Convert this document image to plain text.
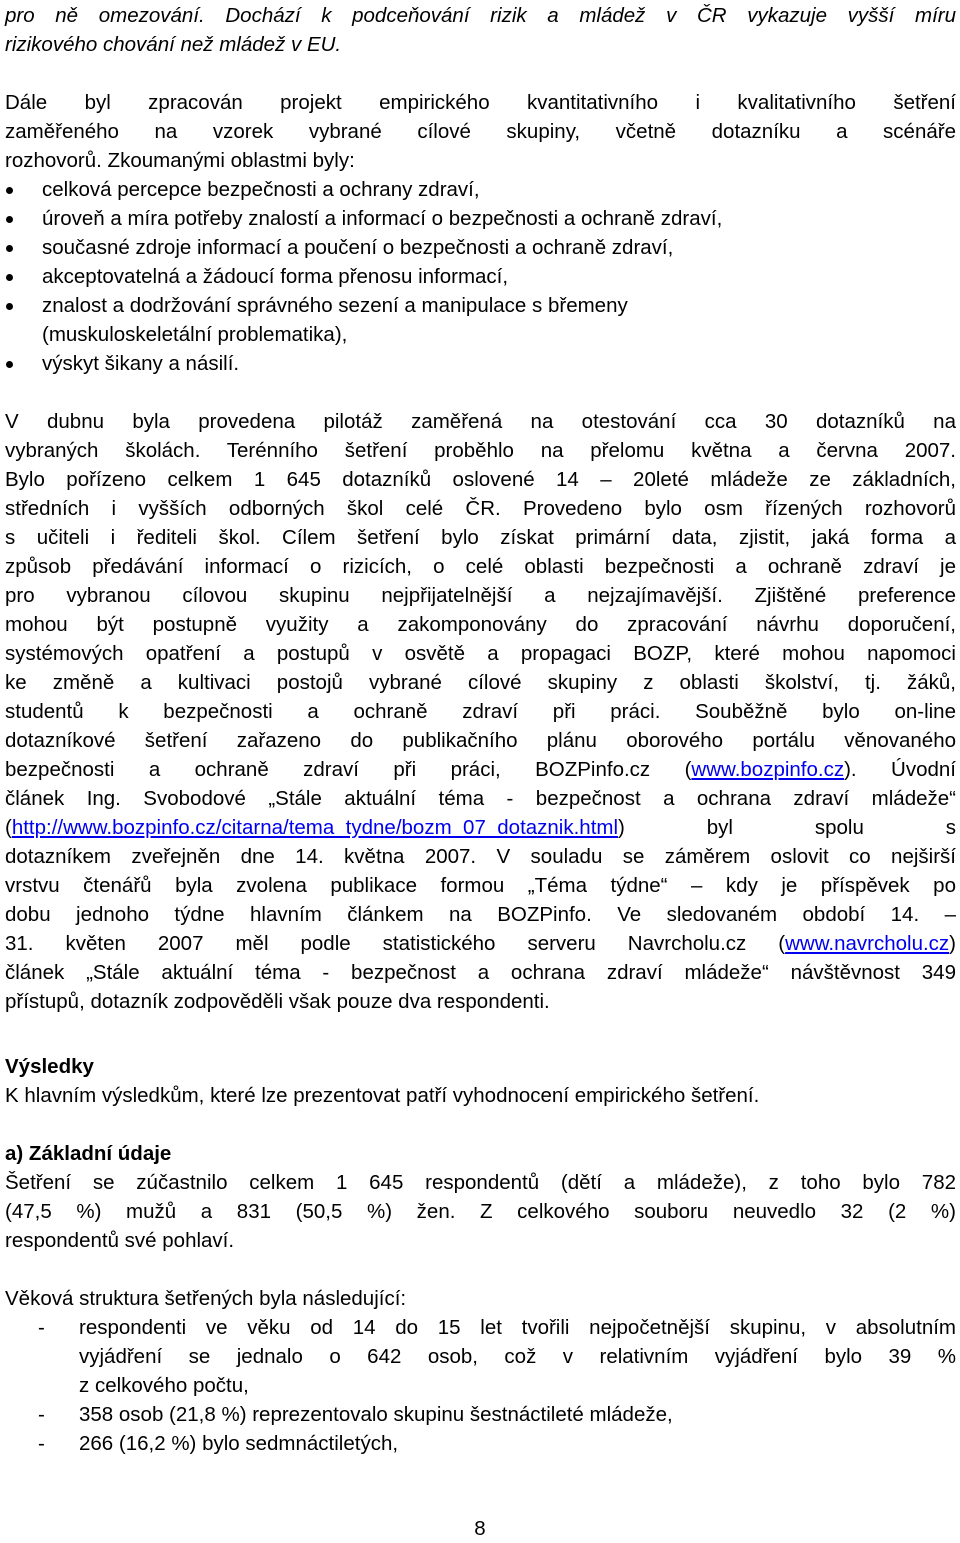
pro ně omezování. Dochází k podceňování rizik a mládež v ČR vykazuje vyšší míru
rizikového chování než mládež v EU.
Dále byl zpracován projekt empirického kvantitativního i kvalitativního šetření
zaměřeného na vzorek vybrané cílové skupiny, včetně dotazníku a scénáře
rozhovorů. Zkoumanými oblastmi byly:
celková percepce bezpečnosti a ochrany zdraví,
úroveň a míra potřeby znalostí a informací o bezpečnosti a ochraně zdraví,
současné zdroje informací a poučení o bezpečnosti a ochraně zdraví,
akceptovatelná a žádoucí forma přenosu informací,
znalost a dodržování správného sezení a manipulace s břemeny
(muskuloskeletální problematika),
výskyt šikany a násilí.
V dubnu byla provedena pilotáž zaměřená na otestování cca 30 dotazníků na
vybraných školách. Terénního šetření proběhlo na přelomu května a června 2007.
Bylo pořízeno celkem 1 645 dotazníků oslovené 14 – 20leté mládeže ze základních,
středních i vyšších odborných škol celé ČR. Provedeno bylo osm řízených rozhovorů
s učiteli i řediteli škol. Cílem šetření bylo získat primární data, zjistit, jaká forma a
způsob předávání informací o rizicích, o celé oblasti bezpečnosti a ochraně zdraví je
pro vybranou cílovou skupinu nejpřijatelnější a nejzajímavější. Zjištěné preference
mohou být postupně využity a zakomponovány do zpracování návrhu doporučení,
systémových opatření a postupů v osvětě a propagaci BOZP, které mohou napomoci
ke změně a kultivaci postojů vybrané cílové skupiny z oblasti školství, tj. žáků,
studentů k bezpečnosti a ochraně zdraví při práci. Souběžně bylo on-line
dotazníkové šetření zařazeno do publikačního plánu oborového portálu věnovaného
bezpečnosti a ochraně zdraví při práci, BOZPinfo.cz (www.bozpinfo.cz). Úvodní
článek Ing. Svobodové „Stále aktuální téma - bezpečnost a ochrana zdraví mládeže“
(http://www.bozpinfo.cz/citarna/tema_tydne/bozm_07_dotaznik.html) byl spolu s
dotazníkem zveřejněn dne 14. května 2007. V souladu se záměrem oslovit co nejširší
vrstvu čtenářů byla zvolena publikace formou „Téma týdne“ – kdy je příspěvek po
dobu jednoho týdne hlavním článkem na BOZPinfo. Ve sledovaném období 14. –
31. květen 2007 měl podle statistického serveru Navrcholu.cz (www.navrcholu.cz)
článek „Stále aktuální téma - bezpečnost a ochrana zdraví mládeže“ návštěvnost 349
přístupů, dotazník zodpověděli však pouze dva respondenti.
Výsledky
K hlavním výsledkům, které lze prezentovat patří vyhodnocení empirického šetření.
a) Základní údaje
Šetření se zúčastnilo celkem 1 645 respondentů (dětí a mládeže), z toho bylo 782
(47,5 %) mužů a 831 (50,5 %) žen. Z celkového souboru neuvedlo 32 (2 %)
respondentů své pohlaví.
Věková struktura šetřených byla následující:
- respondenti ve věku od 14 do 15 let tvořili nejpočetnější skupinu, v absolutním
vyjádření se jednalo o 642 osob, což v relativním vyjádření bylo 39 %
z celkového počtu,
- 358 osob (21,8 %) reprezentovalo skupinu šestnáctileté mládeže,
- 266 (16,2 %) bylo sedmnáctiletých,
8
